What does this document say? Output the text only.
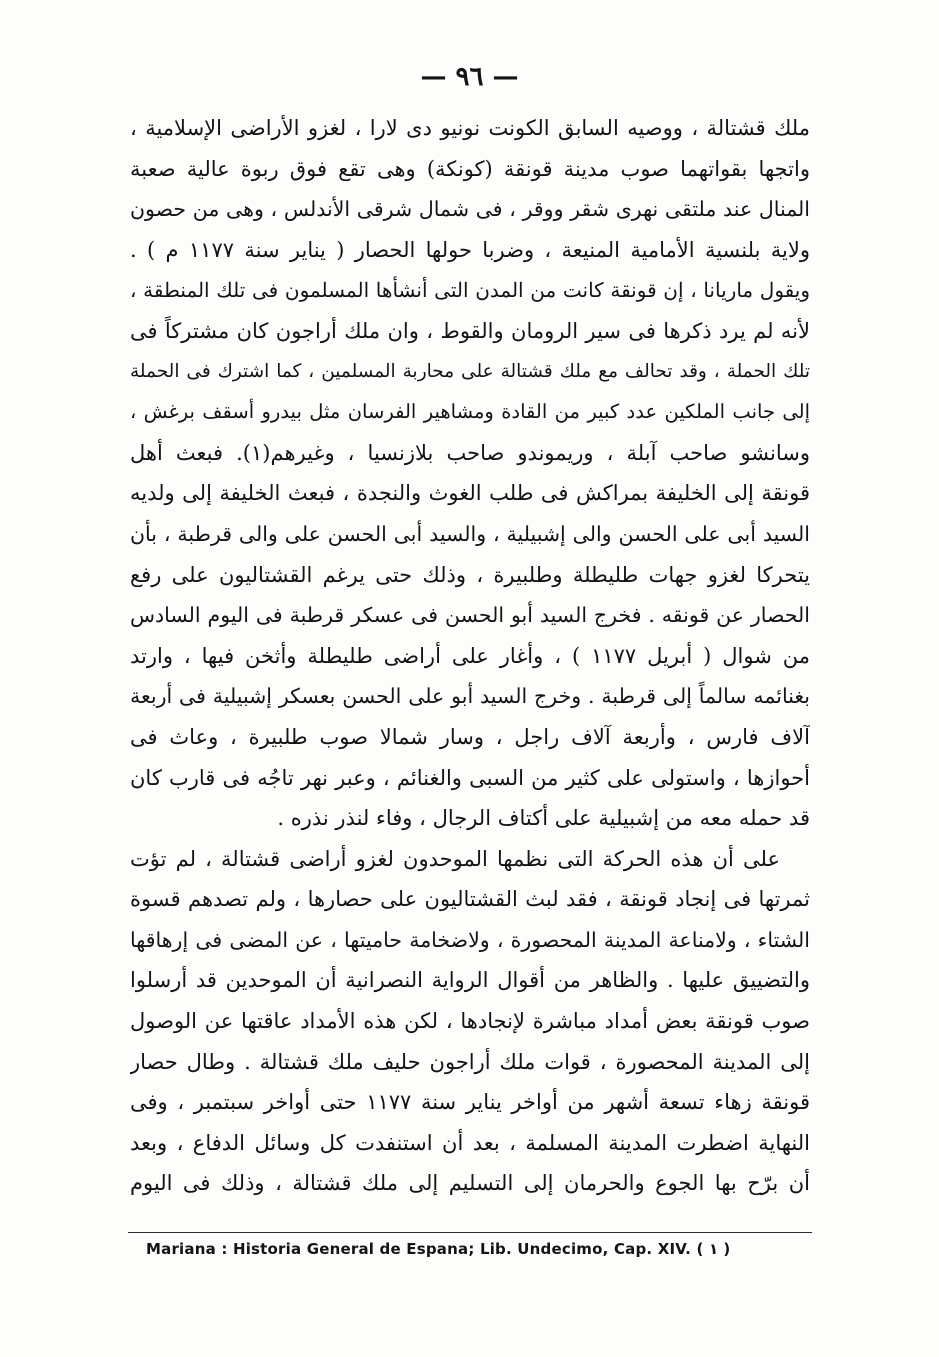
— ٩٦ —
ملك قشتالة ، ووصيه السابق الكونت نونيو دى لارا ، لغزو الأراضى الإسلامية ،
واتجها بقواتهما صوب مدينة قونقة (كونكة) وهى تقع فوق ربوة عالية صعبة
المنال عند ملتقى نهرى شقر ووقر ، فى شمال شرقى الأندلس ، وهى من حصون
ولاية بلنسية الأمامية المنيعة ، وضربا حولها الحصار ( يناير سنة ١١٧٧ م ) .
ويقول ماريانا ، إن قونقة كانت من المدن التى أنشأها المسلمون فى تلك المنطقة ،
لأنه لم يرد ذكرها فى سير الرومان والقوط ، وان ملك أراجون كان مشتركاً فى
تلك الحملة ، وقد تحالف مع ملك قشتالة على محاربة المسلمين ، كما اشترك فى الحملة
إلى جانب الملكين عدد كبير من القادة ومشاهير الفرسان مثل بيدرو أسقف برغش ،
وسانشو صاحب آبلة ، وريموندو صاحب بلازنسيا ، وغيرهم(١). فبعث أهل
قونقة إلى الخليفة بمراكش فى طلب الغوث والنجدة ، فبعث الخليفة إلى ولديه
السيد أبى على الحسن والى إشبيلية ، والسيد أبى الحسن على والى قرطبة ، بأن
يتحركا لغزو جهات طليطلة وطلبيرة ، وذلك حتى يرغم القشتاليون على رفع
الحصار عن قونقه . فخرج السيد أبو الحسن فى عسكر قرطبة فى اليوم السادس
من شوال ( أبريل ١١٧٧ ) ، وأغار على أراضى طليطلة وأثخن فيها ، وارتد
بغنائمه سالماً إلى قرطبة . وخرج السيد أبو على الحسن بعسكر إشبيلية فى أربعة
آلاف فارس ، وأربعة آلاف راجل ، وسار شمالا صوب طلبيرة ، وعاث فى
أحوازها ، واستولى على كثير من السبى والغنائم ، وعبر نهر تاجُه فى قارب كان
قد حمله معه من إشبيلية على أكتاف الرجال ، وفاء لنذر نذره .
على أن هذه الحركة التى نظمها الموحدون لغزو أراضى قشتالة ، لم تؤت
ثمرتها فى إنجاد قونقة ، فقد لبث القشتاليون على حصارها ، ولم تصدهم قسوة
الشتاء ، ولامناعة المدينة المحصورة ، ولاضخامة حاميتها ، عن المضى فى إرهاقها
والتضييق عليها . والظاهر من أقوال الرواية النصرانية أن الموحدين قد أرسلوا
صوب قونقة بعض أمداد مباشرة لإنجادها ، لكن هذه الأمداد عاقتها عن الوصول
إلى المدينة المحصورة ، قوات ملك أراجون حليف ملك قشتالة . وطال حصار
قونقة زهاء تسعة أشهر من أواخر يناير سنة ١١٧٧ حتى أواخر سبتمبر ، وفى
النهاية اضطرت المدينة المسلمة ، بعد أن استنفدت كل وسائل الدفاع ، وبعد
أن برّح بها الجوع والحرمان إلى التسليم إلى ملك قشتالة ، وذلك فى اليوم
Mariana : Historia General de Espana; Lib. Undecimo, Cap. XIV. ( ١ )
